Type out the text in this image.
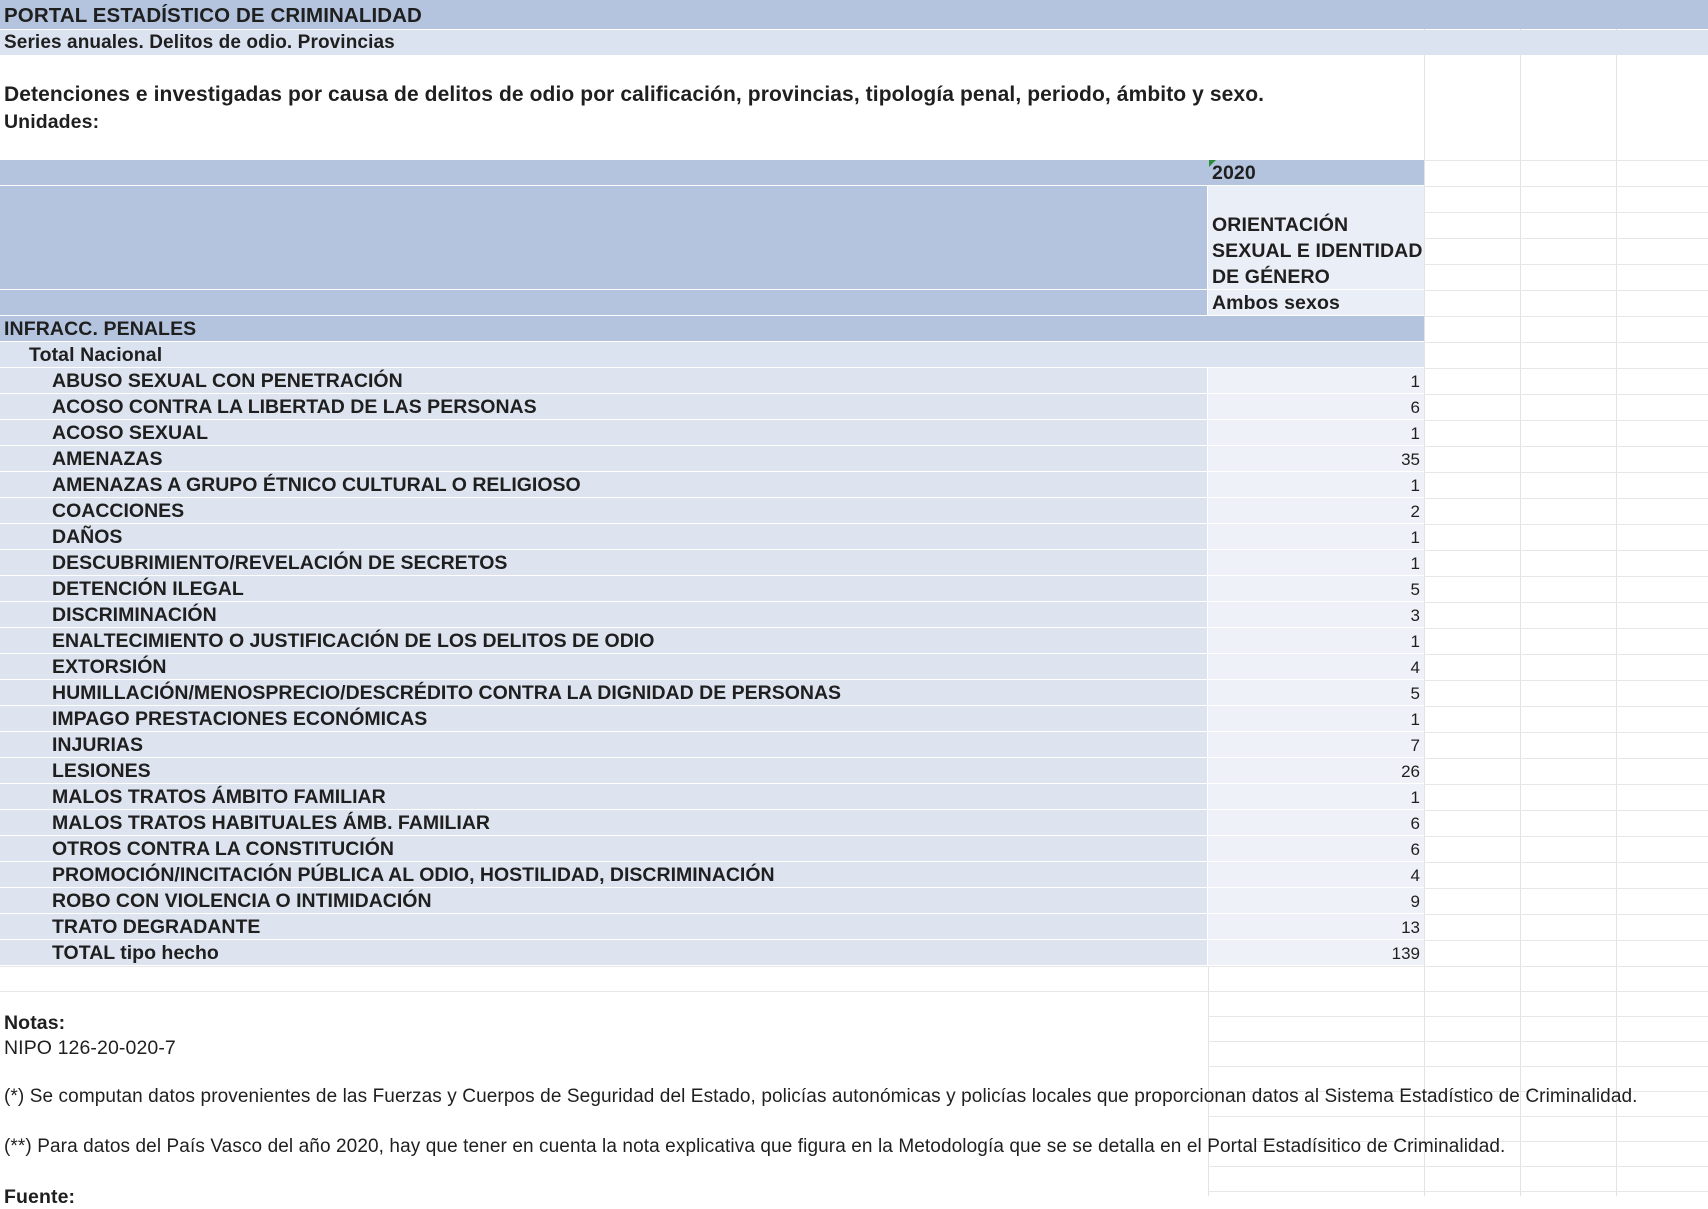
PORTAL ESTADÍSTICO DE CRIMINALIDAD
Series anuales. Delitos de odio. Provincias
Detenciones e investigadas por causa de delitos de odio por calificación, provincias, tipología penal, periodo, ámbito y sexo.
Unidades:
2020
ORIENTACIÓN
SEXUAL E IDENTIDAD
DE GÉNERO
Ambos sexos
INFRACC. PENALES
Total Nacional
1
ABUSO SEXUAL CON PENETRACIÓN
6
ACOSO CONTRA LA LIBERTAD DE LAS PERSONAS
1
ACOSO SEXUAL
35
AMENAZAS
1
AMENAZAS A GRUPO ÉTNICO CULTURAL O RELIGIOSO
2
COACCIONES
1
DAÑOS
1
DESCUBRIMIENTO/REVELACIÓN DE SECRETOS
5
DETENCIÓN ILEGAL
3
DISCRIMINACIÓN
1
ENALTECIMIENTO O JUSTIFICACIÓN DE LOS DELITOS DE ODIO
4
EXTORSIÓN
5
HUMILLACIÓN/MENOSPRECIO/DESCRÉDITO CONTRA LA DIGNIDAD DE PERSONAS
1
IMPAGO PRESTACIONES ECONÓMICAS
7
INJURIAS
26
LESIONES
1
MALOS TRATOS ÁMBITO FAMILIAR
6
MALOS TRATOS HABITUALES ÁMB. FAMILIAR
6
OTROS CONTRA LA CONSTITUCIÓN
4
PROMOCIÓN/INCITACIÓN PÚBLICA AL ODIO, HOSTILIDAD, DISCRIMINACIÓN
9
ROBO CON VIOLENCIA O INTIMIDACIÓN
13
TRATO DEGRADANTE
139
TOTAL tipo hecho
Notas:
NIPO 126-20-020-7
(*) Se computan datos provenientes de las Fuerzas y Cuerpos de Seguridad del Estado, policías autonómicas y policías locales que proporcionan datos al Sistema Estadístico de Criminalidad.
(**) Para datos del País Vasco del año 2020, hay que tener en cuenta la nota explicativa que figura en la Metodología que se se detalla en el Portal Estadísitico de Criminalidad.
Fuente:
